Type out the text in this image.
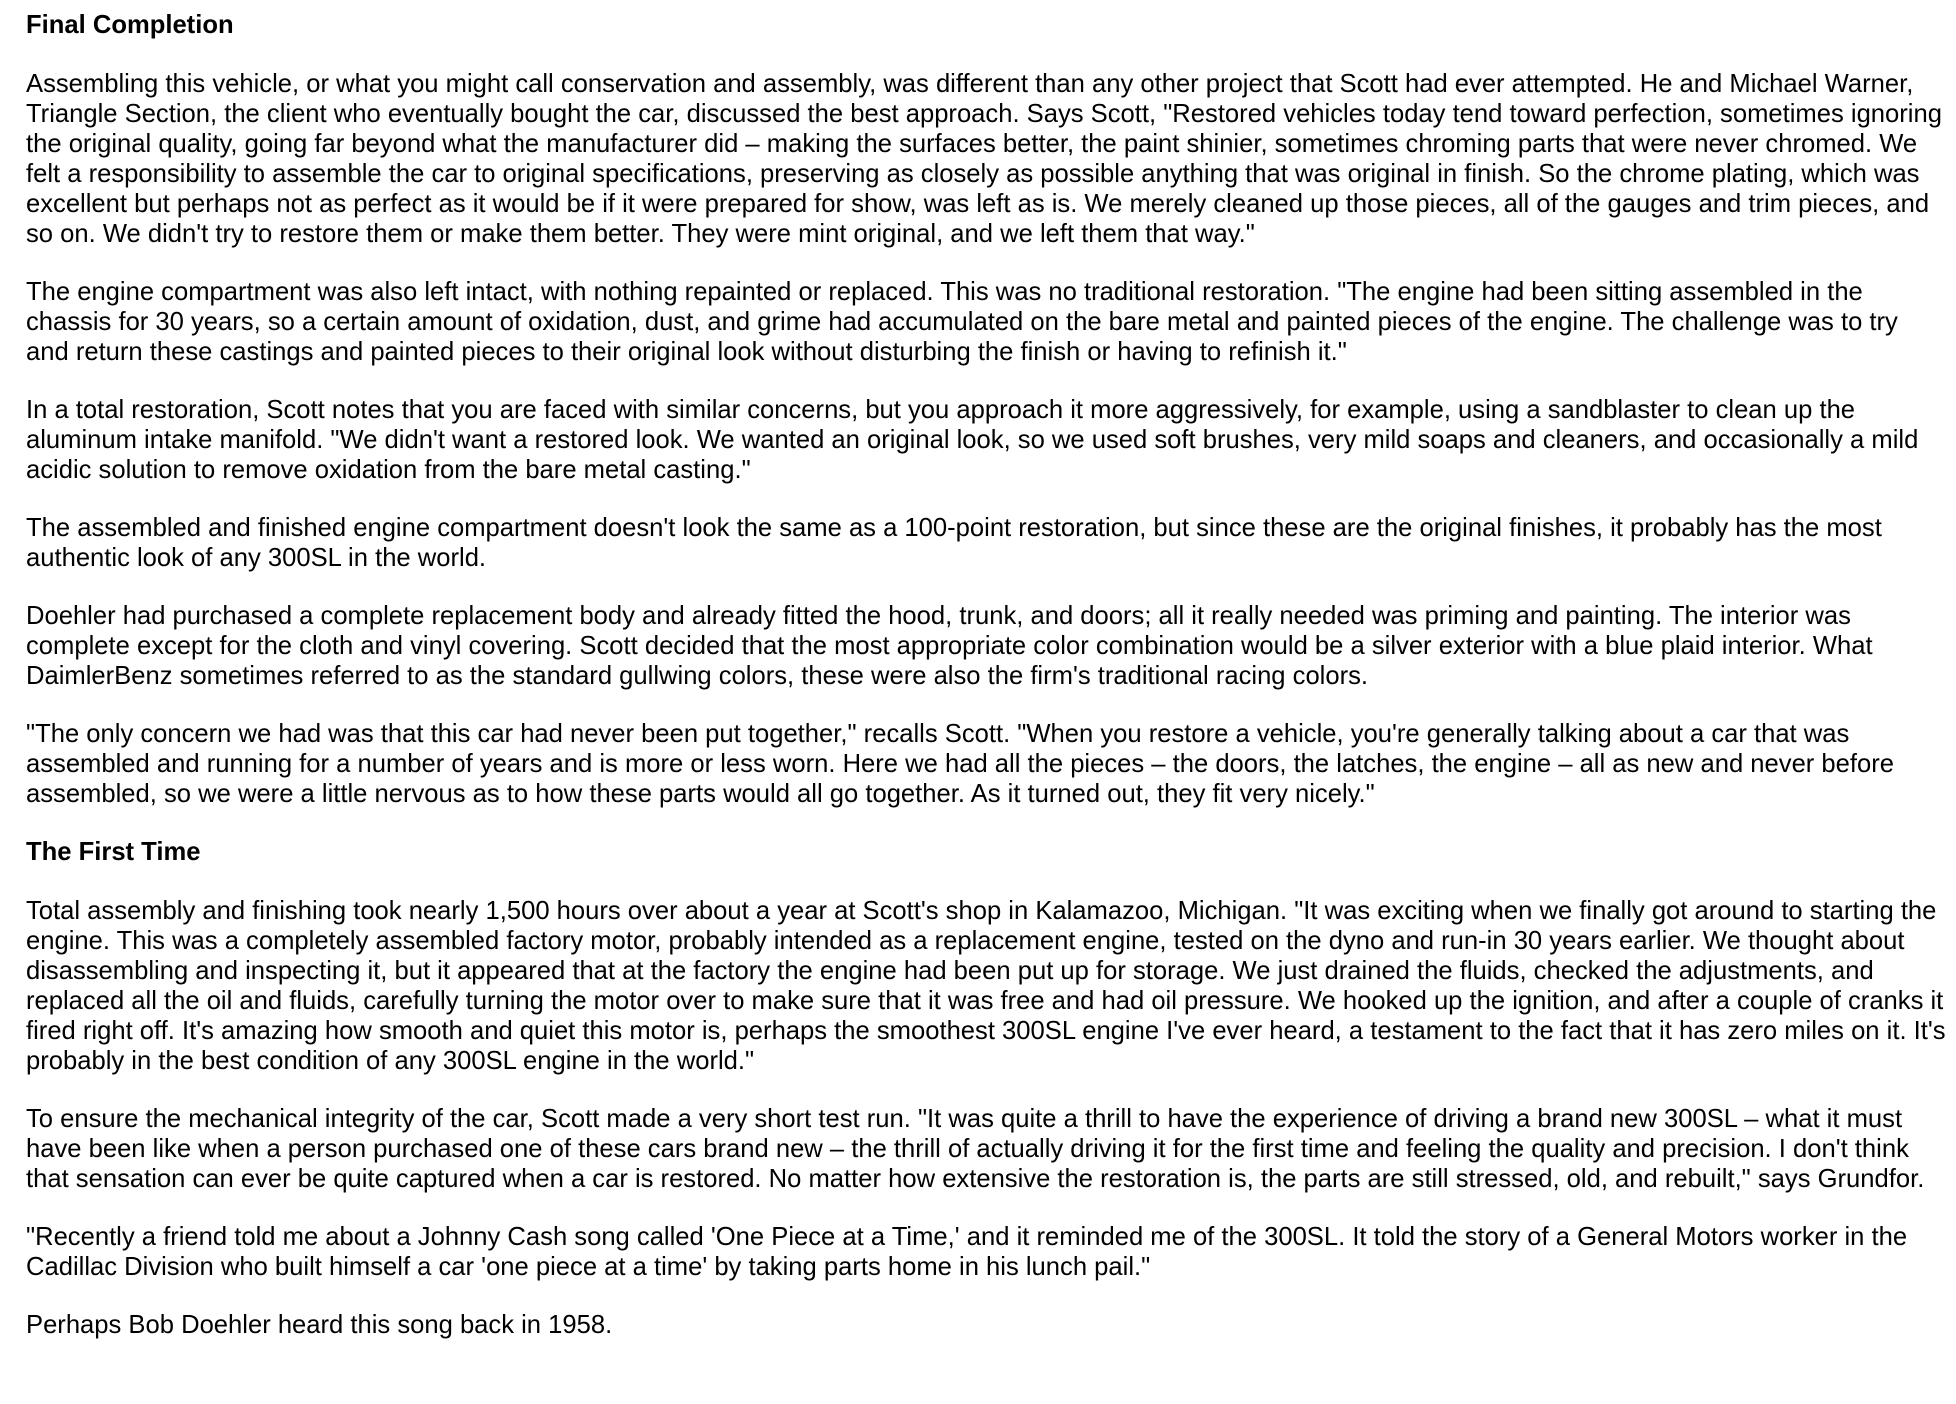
Final Completion

Assembling this vehicle, or what you might call conservation and assembly, was different than any other project that Scott had ever attempted. He and Michael Warner, Triangle Section, the client who eventually bought the car, discussed the best approach. Says Scott, "Restored vehicles today tend toward perfection, sometimes ignoring the original quality, going far beyond what the manufacturer did – making the surfaces better, the paint shinier, sometimes chroming parts that were never chromed. We felt a responsibility to assemble the car to original specifications, preserving as closely as possible anything that was original in finish. So the chrome plating, which was excellent but perhaps not as perfect as it would be if it were prepared for show, was left as is. We merely cleaned up those pieces, all of the gauges and trim pieces, and so on. We didn't try to restore them or make them better. They were mint original, and we left them that way."

The engine compartment was also left intact, with nothing repainted or replaced. This was no traditional restoration. "The engine had been sitting assembled in the chassis for 30 years, so a certain amount of oxidation, dust, and grime had accumulated on the bare metal and painted pieces of the engine. The challenge was to try and return these castings and painted pieces to their original look without disturbing the finish or having to refinish it."

In a total restoration, Scott notes that you are faced with similar concerns, but you approach it more aggressively, for example, using a sandblaster to clean up the aluminum intake manifold. "We didn't want a restored look. We wanted an original look, so we used soft brushes, very mild soaps and cleaners, and occasionally a mild acidic solution to remove oxidation from the bare metal casting."

The assembled and finished engine compartment doesn't look the same as a 100-point restoration, but since these are the original finishes, it probably has the most authentic look of any 300SL in the world.

Doehler had purchased a complete replacement body and already fitted the hood, trunk, and doors; all it really needed was priming and painting. The interior was complete except for the cloth and vinyl covering. Scott decided that the most appropriate color combination would be a silver exterior with a blue plaid interior. What DaimlerBenz sometimes referred to as the standard gullwing colors, these were also the firm's traditional racing colors.

"The only concern we had was that this car had never been put together," recalls Scott. "When you restore a vehicle, you're generally talking about a car that was assembled and running for a number of years and is more or less worn. Here we had all the pieces – the doors, the latches, the engine – all as new and never before assembled, so we were a little nervous as to how these parts would all go together. As it turned out, they fit very nicely."

The First Time

Total assembly and finishing took nearly 1,500 hours over about a year at Scott's shop in Kalamazoo, Michigan. "It was exciting when we finally got around to starting the engine. This was a completely assembled factory motor, probably intended as a replacement engine, tested on the dyno and run-in 30 years earlier. We thought about disassembling and inspecting it, but it appeared that at the factory the engine had been put up for storage. We just drained the fluids, checked the adjustments, and replaced all the oil and fluids, carefully turning the motor over to make sure that it was free and had oil pressure. We hooked up the ignition, and after a couple of cranks it fired right off. It's amazing how smooth and quiet this motor is, perhaps the smoothest 300SL engine I've ever heard, a testament to the fact that it has zero miles on it. It's probably in the best condition of any 300SL engine in the world."

To ensure the mechanical integrity of the car, Scott made a very short test run. "It was quite a thrill to have the experience of driving a brand new 300SL – what it must have been like when a person purchased one of these cars brand new – the thrill of actually driving it for the first time and feeling the quality and precision. I don't think that sensation can ever be quite captured when a car is restored. No matter how extensive the restoration is, the parts are still stressed, old, and rebuilt," says Grundfor.

"Recently a friend told me about a Johnny Cash song called 'One Piece at a Time,' and it reminded me of the 300SL. It told the story of a General Motors worker in the Cadillac Division who built himself a car 'one piece at a time' by taking parts home in his lunch pail."

Perhaps Bob Doehler heard this song back in 1958.
